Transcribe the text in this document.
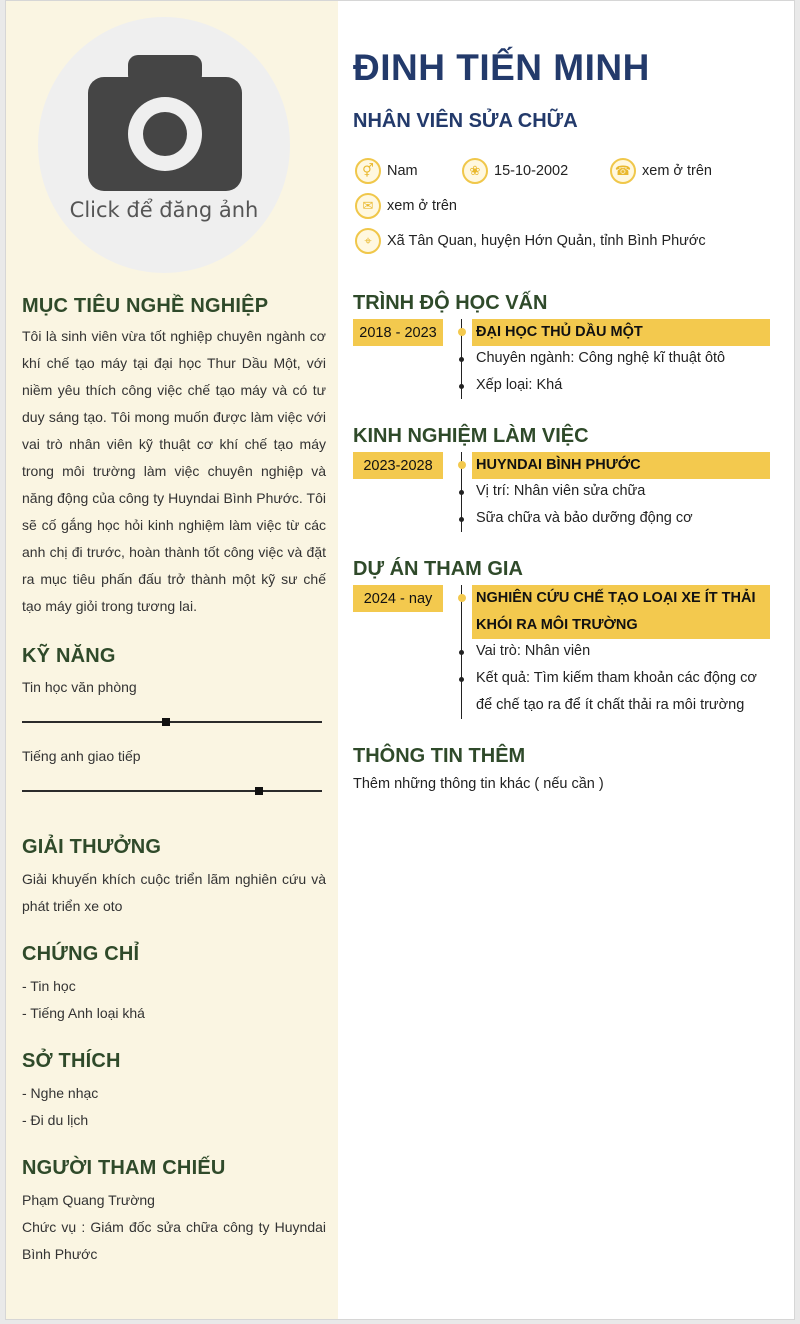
Click để đăng ảnh
MỤC TIÊU NGHỀ NGHIỆP
Tôi là sinh viên vừa tốt nghiệp chuyên ngành cơ khí chế tạo máy tại đại học Thur Dầu Một, với niềm yêu thích công việc chế tạo máy và có tư duy sáng tạo. Tôi mong muốn được làm việc với vai trò nhân viên kỹ thuật cơ khí chế tạo máy trong môi trường làm việc chuyên nghiệp và năng động của công ty Huyndai Bình Phước. Tôi sẽ cố gắng học hỏi kinh nghiệm làm việc từ các anh chị đi trước, hoàn thành tốt công việc và đặt ra mục tiêu phấn đấu trở thành một kỹ sư chế tạo máy giỏi trong tương lai.
KỸ NĂNG
Tin học văn phòng
Tiếng anh giao tiếp
GIẢI THƯỞNG
Giải khuyến khích cuộc triển lãm nghiên cứu và phát triển xe oto
CHỨNG CHỈ

- Tin học

- Tiếng Anh loại khá

SỞ THÍCH

- Nghe nhạc

- Đi du lịch

NGƯỜI THAM CHIẾU

Phạm Quang Trường

Chức vụ : Giám đốc sửa chữa công ty Huyndai Bình Phước

ĐINH TIẾN MINH
NHÂN VIÊN SỬA CHỮA
⚥ Nam	❀ 15-10-2002	☎ xem ở trên
✉ xem ở trên
⌖	Xã Tân Quan, huyện Hớn Quản, tỉnh Bình Phước
TRÌNH ĐỘ HỌC VẤN
2018 - 2023	ĐẠI HỌC THỦ DẦU MỘT
Chuyên ngành: Công nghệ kĩ thuật ôtô
Xếp loại: Khá
KINH NGHIỆM LÀM VIỆC
2023-2028	HUYNDAI BÌNH PHƯỚC
Vị trí: Nhân viên sửa chữa
Sữa chữa và bảo dưỡng động cơ
DỰ ÁN THAM GIA
2024 - nay	NGHIÊN CỨU CHẾ TẠO LOẠI XE ÍT THẢI KHÓI RA MÔI TRƯỜNG
Vai trò: Nhân viên
Kết quả: Tìm kiếm tham khoản các động cơ để chế tạo ra để ít chất thải ra môi trường
THÔNG TIN THÊM
Thêm những thông tin khác ( nếu cần )
